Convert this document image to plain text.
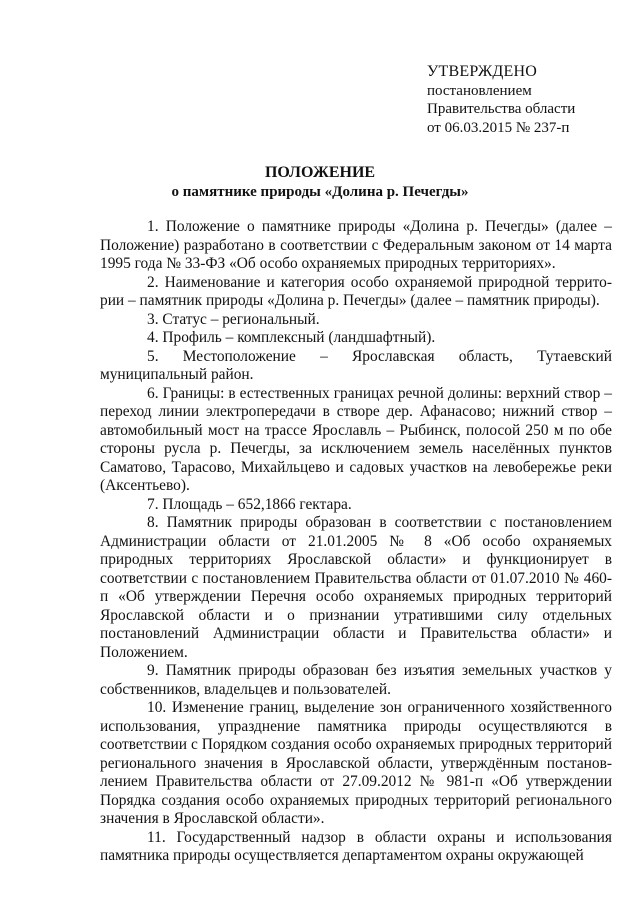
УТВЕРЖДЕНО
постановлением
Правительства области
от 06.03.2015 № 237-п
ПОЛОЖЕНИЕ
о памятнике природы «Долина р. Печегды»

1. Положение о памятнике природы «Долина р. Печегды» (далее – Положение) разработано в соответствии с Федеральным законом от 14 марта 1995 года № 33-ФЗ «Об особо охраняемых природных территориях».

2. Наименование и категория особо охраняемой природной территории – памятник природы «Долина р. Печегды» (далее – памятник природы).

3. Статус – региональный.

4. Профиль – комплексный (ландшафтный).

5. Местоположение – Ярославская область, Тутаевский муниципальный район.

6. Границы: в естественных границах речной долины: верхний створ – переход линии электропередачи в створе дер. Афанасово; нижний створ – автомобильный мост на трассе Ярославль – Рыбинск, полосой 250 м по обе стороны русла р. Печегды, за исключением земель населённых пунктов Саматово, Тарасово, Михайльцево и садовых участков на левобережье реки (Аксентьево).

7. Площадь – 652,1866 гектара.

8. Памятник природы образован в соответствии с постановлением Администрации области от 21.01.2005 № 8 «Об особо охраняемых природных территориях Ярославской области» и функционирует в соответствии с постановлением Правительства области от 01.07.2010 № 460-п «Об утверждении Перечня особо охраняемых природных территорий Ярославской области и о признании утратившими силу отдельных постановлений Администрации области и Правительства области» и Положением.

9. Памятник природы образован без изъятия земельных участков у собственников, владельцев и пользователей.

10. Изменение границ, выделение зон ограниченного хозяйственного использования, упразднение памятника природы осуществляются в соответствии с Порядком создания особо охраняемых природных территорий регионального значения в Ярославской области, утверждённым постановлением Правительства области от 27.09.2012 № 981-п «Об утверждении Порядка создания особо охраняемых природных территорий регионального значения в Ярославской области».

11. Государственный надзор в области охраны и использования памятника природы осуществляется департаментом охраны окружающей
